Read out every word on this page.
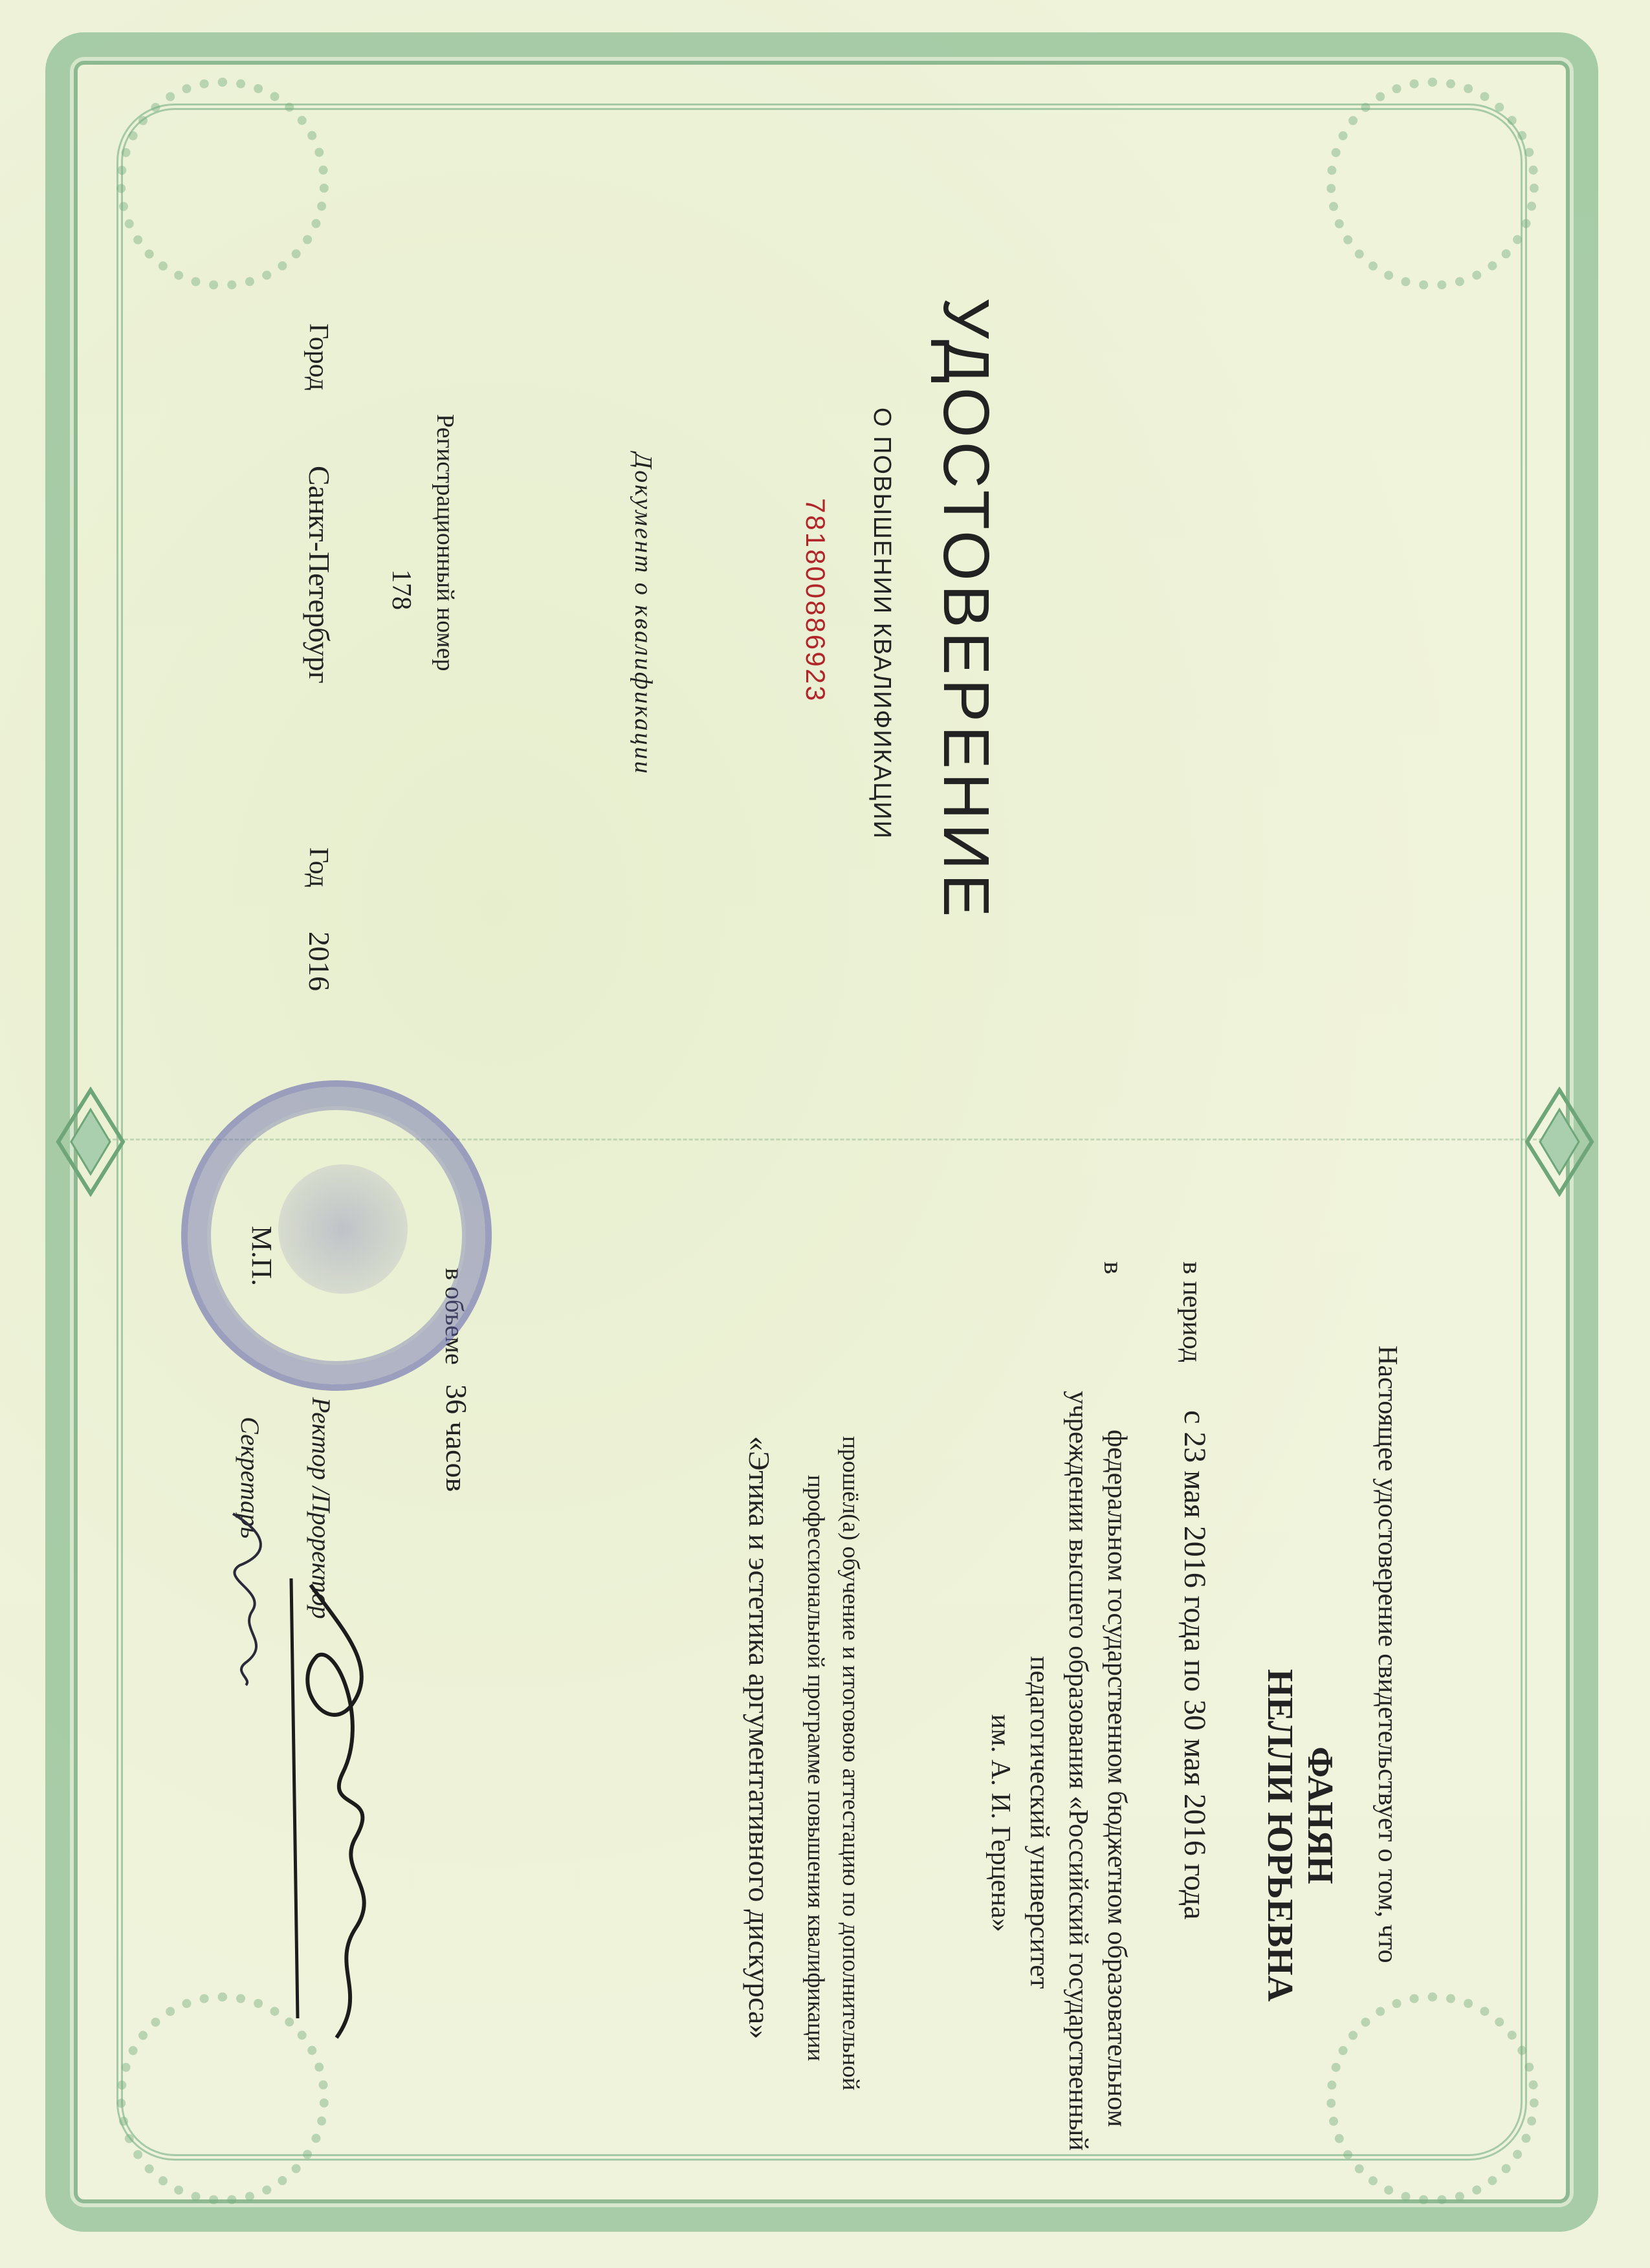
Настоящее удостоверение свидетельствует о том, что
ФАНЯН
НЕЛЛИ ЮРЬЕВНА
в период
с 23 мая 2016 года по 30 мая 2016 года
в
федеральном государственном бюджетном образовательном
учреждении высшего образования «Российский государственный
педагогический университет
им. А. И. Герцена»
прошёл(а) обучение и итоговою аттестацию по дополнительной
профессиональной программе повышения квалификации
«Этика и эстетика аргументативного дискурса»
в объеме
36 часов
М.П.
Ректор /Проректор
Секретарь
УДОСТОВЕРЕНИЕ
О ПОВЫШЕНИИ КВАЛИФИКАЦИИ
781800886923
Документ о квалификации
Регистрационный номер
178
Город
Санкт-Петербург
Год
2016
